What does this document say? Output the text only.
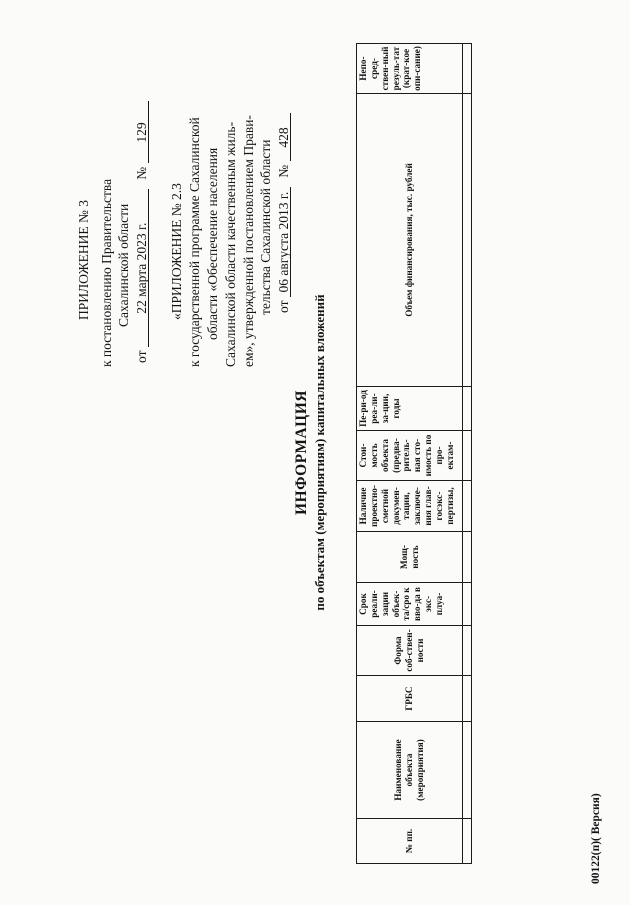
ПРИЛОЖЕНИЕ № 3 к постановлению Правительства Сахалинской области
от 22 марта 2023 г. № 129
«ПРИЛОЖЕНИЕ № 2.3 к государственной программе Сахалинской области «Обеспечение населения Сахалинской области качественным жиль- ем», утвержденной постановлением Прави- тельства Сахалинской области от 06 августа 2013 г. № 428
ИНФОРМАЦИЯ по объектам (мероприятиям) капитальных вложений
№ пп.	Наименование объекта (мероприятия)	ГРБС	Форма соб-ствен-ности	Срок реали-зации объек-та/сро к вво-да в экс-плуа-	Мощ-ность	Наличие проектно-сметной докумен-тации, заключе-ния глав-госэкс-пертизы,	Стои-мость объекта (предва-ритель-ная сто-имость по про-ектам-	Пе-ри-од реа-ли-за-ции, годы	Объем финансирования, тыс. рублей	Непо-сред-ствен-ный резуль-тат (крат-кое опи-сание)

00122(п)( Версия)
